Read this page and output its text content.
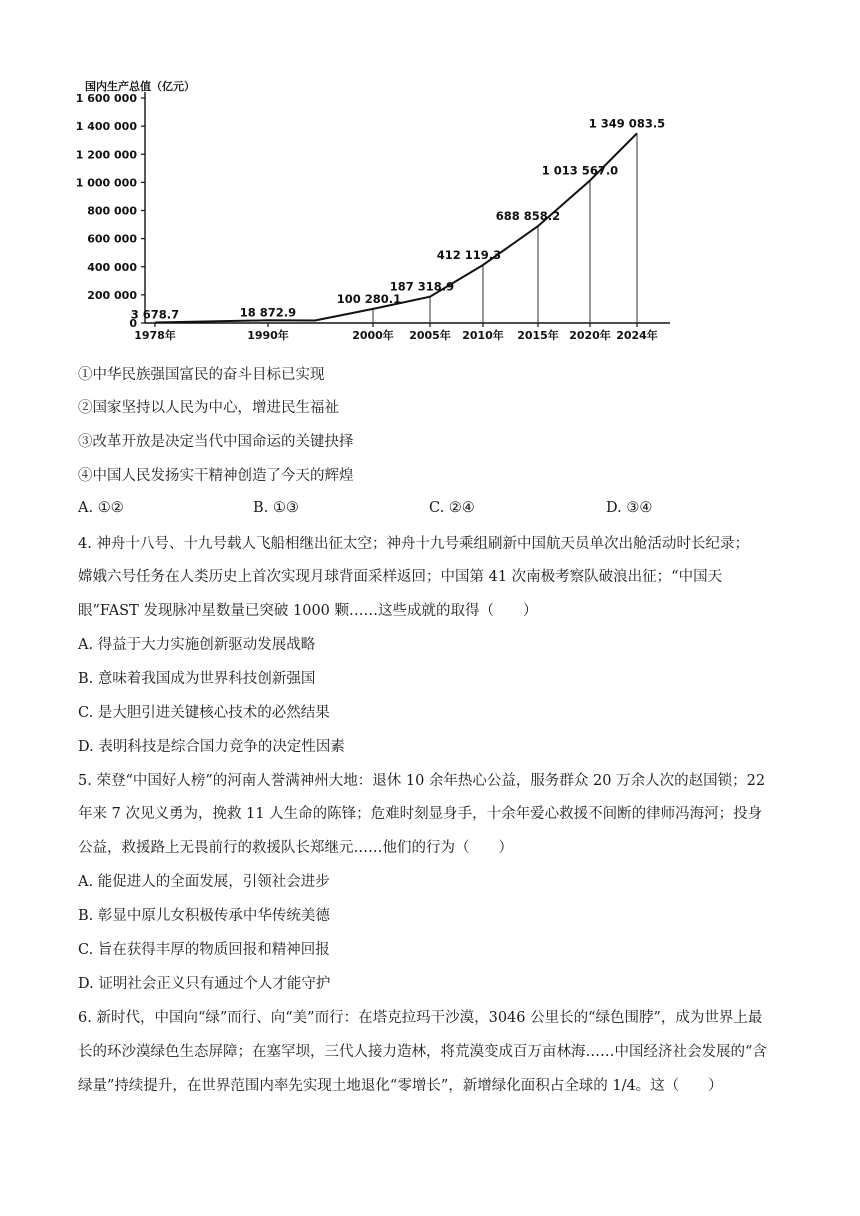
国内生产总值（亿元）
0
200 000
400 000
600 000
800 000
1 000 000
1 200 000
1 400 000
1 600 000
1978年	1990年	2000年 2005年 2010年 2015年 2020年 2024年
3 678.7	18 872.9
100 280.1
187 318.9
412 119.3
688 858.2
1 013 567.0
1 349 083.5
①中华民族强国富民的奋斗目标已实现
②国家坚持以人民为中心，增进民生福祉
③改革开放是决定当代中国命运的关键抉择
④中国人民发扬实干精神创造了今天的辉煌
A. ①②	B. ①③	C. ②④	D. ③④
4. 神舟十八号、十九号载人飞船相继出征太空；神舟十九号乘组刷新中国航天员单次出舱活动时长纪录；
嫦娥六号任务在人类历史上首次实现月球背面采样返回；中国第 41 次南极考察队破浪出征；“中国天
眼”FAST 发现脉冲星数量已突破 1000 颗……这些成就的取得（　　）
A. 得益于大力实施创新驱动发展战略
B. 意味着我国成为世界科技创新强国
C. 是大胆引进关键核心技术的必然结果
D. 表明科技是综合国力竞争的决定性因素
5. 荣登“中国好人榜”的河南人誉满神州大地：退休 10 余年热心公益，服务群众 20 万余人次的赵国锁；22
年来 7 次见义勇为，挽救 11 人生命的陈锋；危难时刻显身手，十余年爱心救援不间断的律师冯海河；投身
公益，救援路上无畏前行的救援队长郑继元……他们的行为（　　）
A. 能促进人的全面发展，引领社会进步
B. 彰显中原儿女积极传承中华传统美德
C. 旨在获得丰厚的物质回报和精神回报
D. 证明社会正义只有通过个人才能守护
6. 新时代，中国向“绿”而行、向“美”而行：在塔克拉玛干沙漠，3046 公里长的“绿色围脖”，成为世界上最
长的环沙漠绿色生态屏障；在塞罕坝，三代人接力造林，将荒漠变成百万亩林海……中国经济社会发展的“含
绿量”持续提升，在世界范围内率先实现土地退化“零增长”，新增绿化面积占全球的 1/4。这（　　）
